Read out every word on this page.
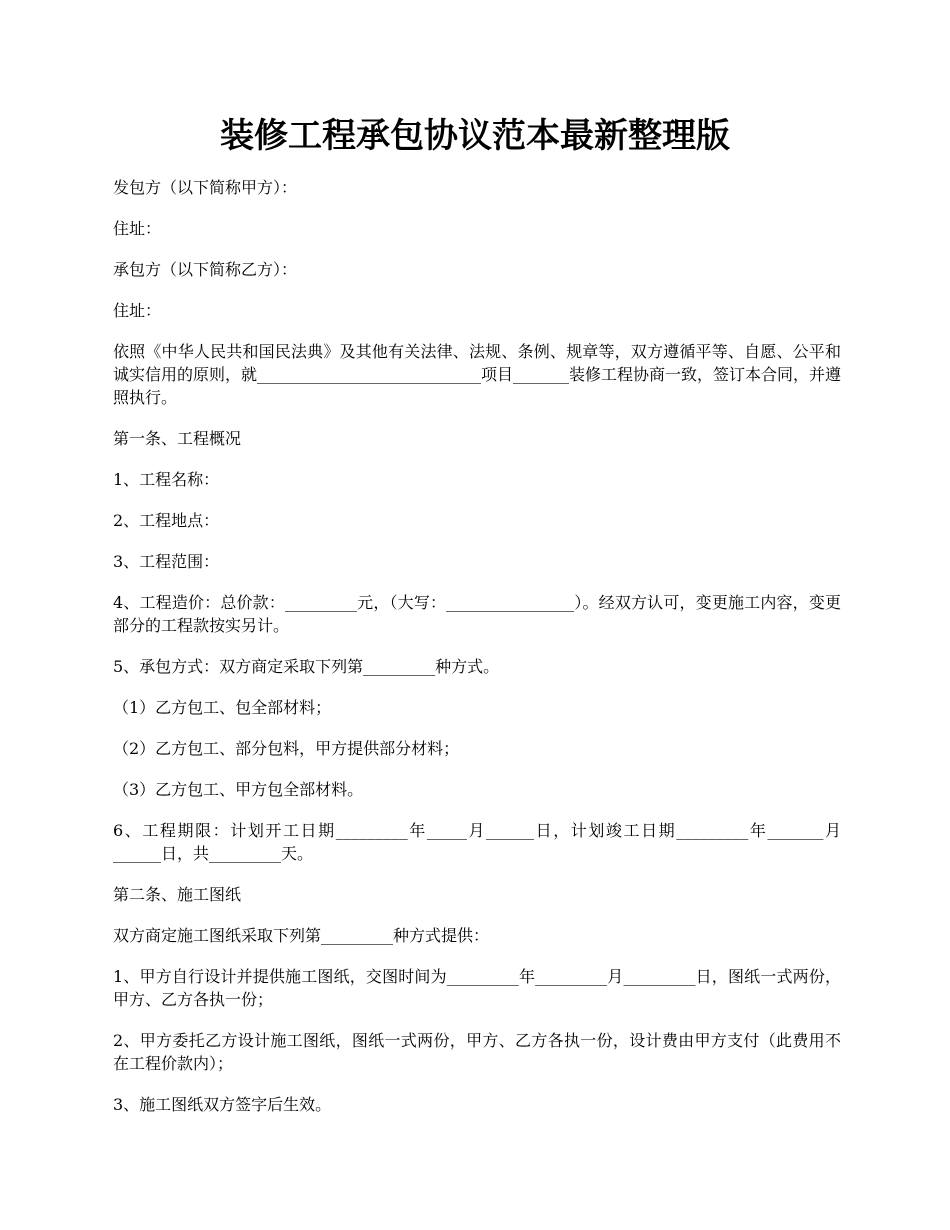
装修工程承包协议范本最新整理版

发包方（以下简称甲方）：

住址：

承包方（以下简称乙方）：

住址：

依照《中华人民共和国民法典》及其他有关法律、法规、条例、规章等，双方遵循平等、自愿、公平和诚实信用的原则，就____________________________项目_______装修工程协商一致，签订本合同，并遵照执行。

第一条、工程概况

1、工程名称：

2、工程地点：

3、工程范围：

4、工程造价：总价款：_________元，（大写：________________）。经双方认可，变更施工内容，变更部分的工程款按实另计。

5、承包方式：双方商定采取下列第_________种方式。

（1）乙方包工、包全部材料；

（2）乙方包工、部分包料，甲方提供部分材料；

（3）乙方包工、甲方包全部材料。

6、工程期限：计划开工日期_________年_____月______日，计划竣工日期_________年_______月______日，共_________天。

第二条、施工图纸

双方商定施工图纸采取下列第_________种方式提供：

1、甲方自行设计并提供施工图纸，交图时间为_________年_________月_________日，图纸一式两份，甲方、乙方各执一份；

2、甲方委托乙方设计施工图纸，图纸一式两份，甲方、乙方各执一份，设计费由甲方支付（此费用不在工程价款内）；

3、施工图纸双方签字后生效。
